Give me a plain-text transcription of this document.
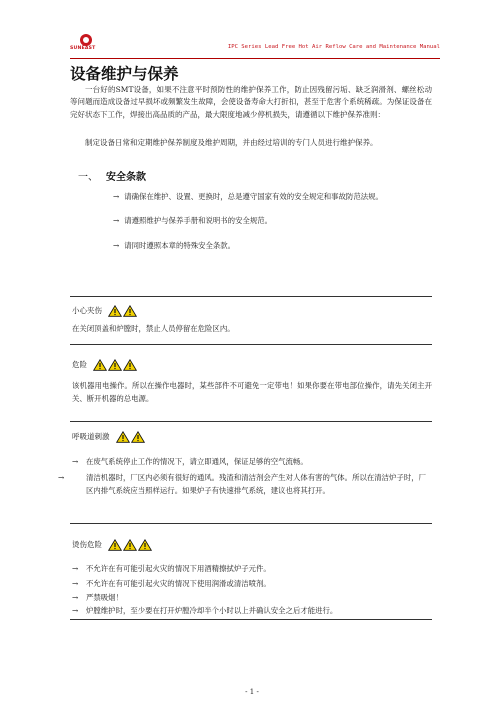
SUNEAST	IPC Series Lead Free Hot Air Reflow Care and Maintenance Manual
设备维护与保养
一台好的SMT设备，如果不注意平时预防性的维护保养工作，防止因残留污垢、缺乏润滑剂、螺丝松动等问题而造成设备过早损坏或频繁发生故障，会使设备寿命大打折扣，甚至于危害个系统稀疏。为保证设备在完好状态下工作，焊接出高品质的产品，最大限度地减少停机损失，请遵循以下维护保养准则：
制定设备日常和定期维护保养制度及维护周期，并由经过培训的专门人员进行维护保养。
一、 安全条款
→ 请确保在维护、设置、更换时，总是遵守国家有效的安全规定和事故防范法规。
→ 请遵照维护与保养手册和说明书的安全规范。
→ 请同时遵照本章的特殊安全条款。
小心夹伤
在关闭顶盖和炉膛时，禁止人员停留在危险区内。
危险
该机器用电操作。所以在操作电器时，某些部件不可避免一定带电！如果你要在带电部位操作，请先关闭主开关、断开机器的总电源。
呼吸道刺激
→ 在废气系统停止工作的情况下，请立即通风，保证足够的空气流畅。
→	清洁机器时，厂区内必须有很好的通风。残渣和清洁剂会产生对人体有害的气体。所以在清洁炉子时，厂区内排气系统应当照样运行。如果炉子有快速排气系统，建议也将其打开。
烫伤危险
→ 不允许在有可能引起火灾的情况下用酒精擦拭炉子元件。
→ 不允许在有可能引起火灾的情况下使用润滑或清洁喷剂。
→ 严禁吸烟！
→ 炉膛维护时，至少要在打开炉膛冷却半个小时以上并确认安全之后才能进行。
- 1 -
